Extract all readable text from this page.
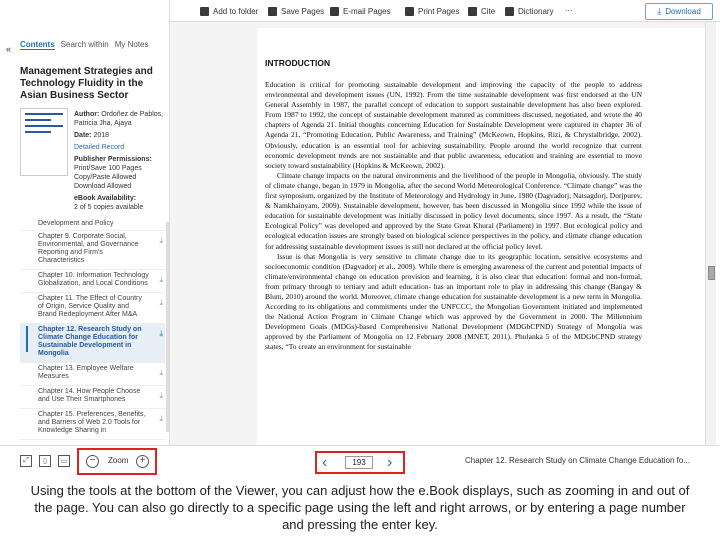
Add to folder	Save Pages E-mail Pages	Print Pages	Cite	Dictionary ...	⤓ Download
« Contents Search within My Notes
Management Strategies and Technology Fluidity in the Asian Business Sector
Author: Ordoñez de Pablos, Patricia Jha, Ajaya
Date: 2018
Detailed Record
Publisher Permissions:
Print/Save 100 Pages Copy/Paste Allowed Download Allowed
eBook Availability:
2 of 5 copies available
Development and Policy
Chapter 9. Corporate Social, Environmental, and Governance Reporting and Firm's Characteristics
⤓
Chapter 10. Information Technology Globalization, and Local Conditions ⤓
Chapter 11. The Effect of Country of Origin, Service Quality and Brand Redeployment After M&A
⤓
Chapter 12. Research Study on Climate Change Education for Sustainable Development in Mongolia
⤓
Chapter 13. Employee Welfare Measures	⤓
Chapter 14. How People Choose and Use Their Smartphones	⤓
Chapter 15. Preferences, Benefits, and Barriers of Web 2.0 Tools for Knowledge Sharing in
⤓
INTRODUCTION

Education is critical for promoting sustainable development and improving the capacity of the people to address environmental and development issues (UN, 1992). From the time sustainable development was first endorsed at the UN General Assembly in 1987, the parallel concept of education to support sustainable development has also been explored. From 1987 to 1992, the concept of sustainable development matured as committees discussed, negotiated, and wrote the 40 chapters of Agenda 21. Initial thoughts concerning Education for Sustainable Development were captured in chapter 36 of Agenda 21, “Promoting Education, Public Awareness, and Training” (McKeown, Hopkins, Rizi, & Chrystalbridge, 2002). Obviously, education is an essential tool for achieving sustainability. People around the world recognize that current economic development trends are not sustainable and that public awareness, education and training are essential to move society toward sustainability (Hopkins & McKeown, 2002).

Climate change impacts on the natural environments and the livelihood of the people in Mongolia, obviously. The study of climate change, began in 1979 in Mongolia, after the second World Meteorological Conference. “Climate change” was the first symposium, organized by the Institute of Meteorology and Hydrology in June, 1980 (Dagvadorj, Natsagdorj, Dorjpurev, & Namkhainyam, 2009). Sustainable development, however, has been discussed in Mongolia since 1992 while the issue of education for sustainable development was initially discussed in policy level documents, since 1997. As a result, the “State Ecological Policy” was developed and approved by the State Great Khural (Parliament) in 1997. But ecological policy and ecological education issues are strongly based on biological science perspectives in the policy, and climate change education for addressing sustainable development issues is still not declared at the official policy level.

Issue is that Mongolia is very sensitive to climate change due to its geographic location, sensitive ecosystems and socioeconomic condition (Dagvadorj et al., 2009). While there is emerging awareness of the current and potential impacts of climate/environmental change on education provision and learning, it is also clear that education: formal and non-formal, from primary through to tertiary and adult education- has an important role to play in addressing this change (Bangay & Blum, 2010) around the world. Moreover, climate change education for sustainable development is a new term in Mongolia. According to its obligations and commitments under the UNFCCC, the Mongolian Government initiated and implemented the National Action Program in Climate Change which was approved by the Government in 2000. The Millennium Development Goals (MDGs)-based Comprehensive National Development (MDGbCPND) Strategy of Mongolia was approved by the Parliament of Mongolia on 12 February 2008 (MNET, 2011). Phulanka 5 of the MDGbCPND strategy states, “To create an environment for sustainable

⤢	▯	▭	−	Zoom	+	‹	193	›	Chapter 12. Research Study on Climate Change Education fo...
Using the tools at the bottom of the Viewer, you can adjust how the e.Book displays, such as zooming in and out of the page. You can also go directly to a specific page using the left and right arrows, or by entering a page number and pressing the enter key.
